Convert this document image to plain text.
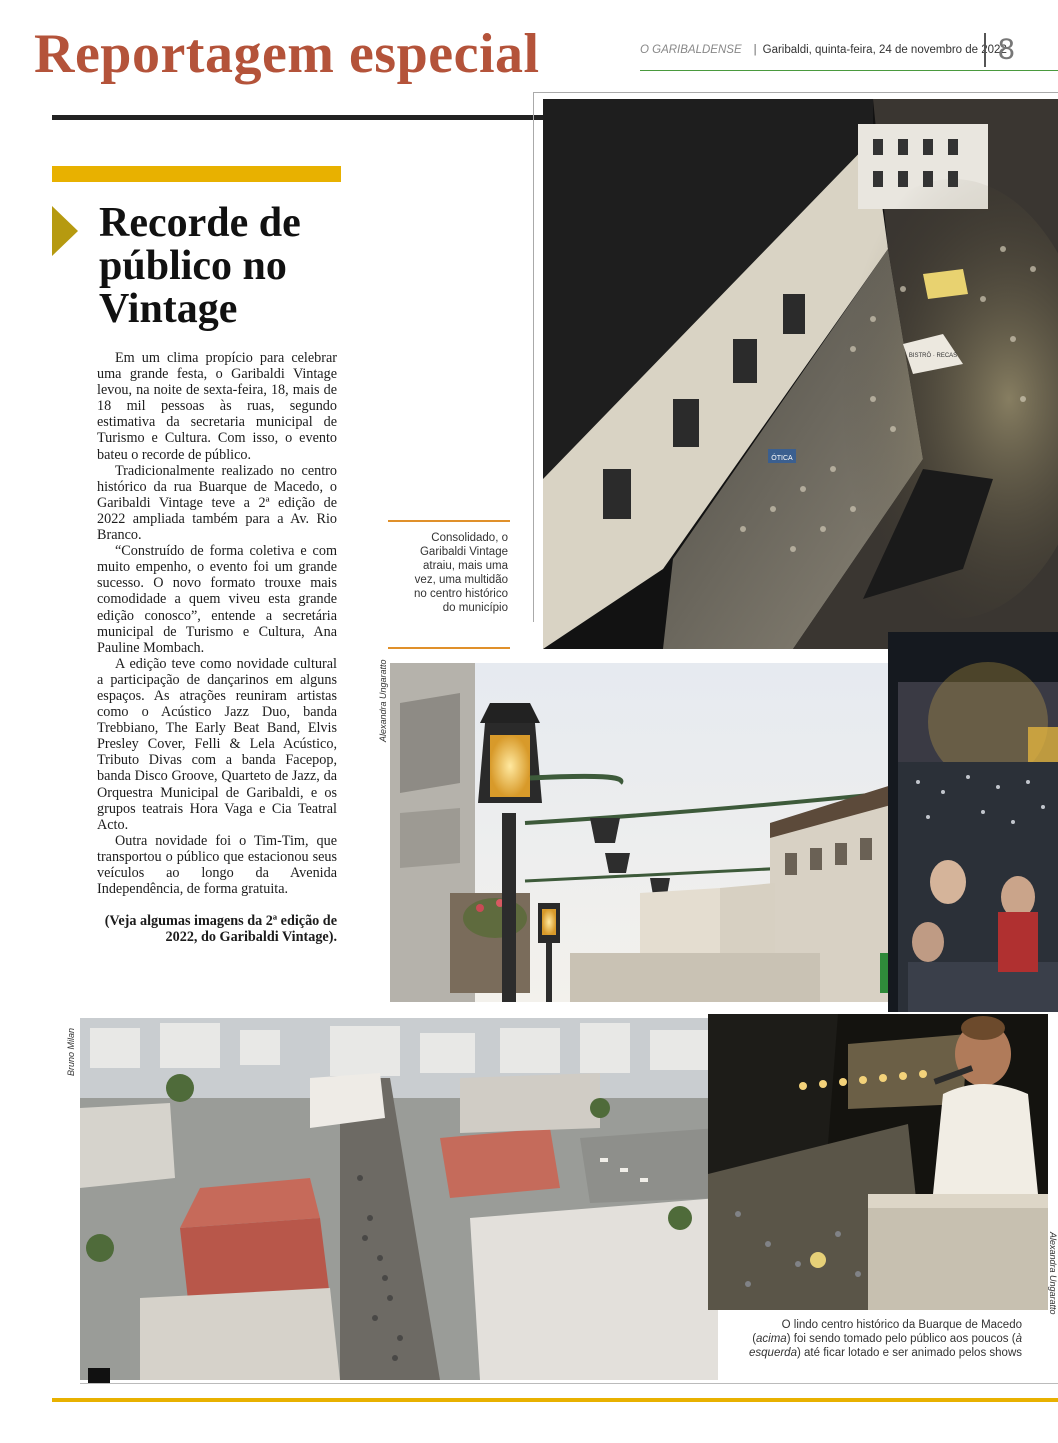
Reportagem especial	O GARIBALDENSE | Garibaldi, quinta-feira, 24 de novembro de 2022
8
Recorde de público no Vintage

Em um clima propício para celebrar uma grande festa, o Garibaldi Vintage levou, na noite de sexta-feira, 18, mais de 18 mil pessoas às ruas, segundo estimativa da secretaria municipal de Turismo e Cultura. Com isso, o evento bateu o recorde de público.

Tradicionalmente realizado no centro histórico da rua Buarque de Macedo, o Garibaldi Vintage teve a 2ª edição de 2022 ampliada também para a Av. Rio Branco.

“Construído de forma coletiva e com muito empenho, o evento foi um grande sucesso. O novo formato trouxe mais comodidade a quem viveu esta grande edição conosco”, entende a secretária municipal de Turismo e Cultura, Ana Pauline Mombach.

A edição teve como novidade cultural a participação de dançarinos em alguns espaços. As atrações reuniram artistas como o Acústico Jazz Duo, banda Trebbiano, The Early Beat Band, Elvis Presley Cover, Felli & Lela Acústico, Tributo Divas com a banda Facepop, banda Disco Groove, Quarteto de Jazz, da Orquestra Municipal de Garibaldi, e os grupos teatrais Hora Vaga e Cia Teatral Acto.

Outra novidade foi o Tim-Tim, que transportou o público que estacionou seus veículos ao longo da Avenida Independência, de forma gratuita.

(Veja algumas imagens da 2ª edição de 2022, do Garibaldi Vintage).

ÓTICA
BISTRÔ · RECAS
Consolidado, o Garibaldi Vintage atraiu, mais uma vez, uma multidão no centro histórico do município
Alexandra Ungaratto
Bruno Milan
Alexandra Ungaratto
O lindo centro histórico da Buarque de Macedo (acima) foi sendo tomado pelo público aos poucos (à esquerda) até ficar lotado e ser animado pelos shows
